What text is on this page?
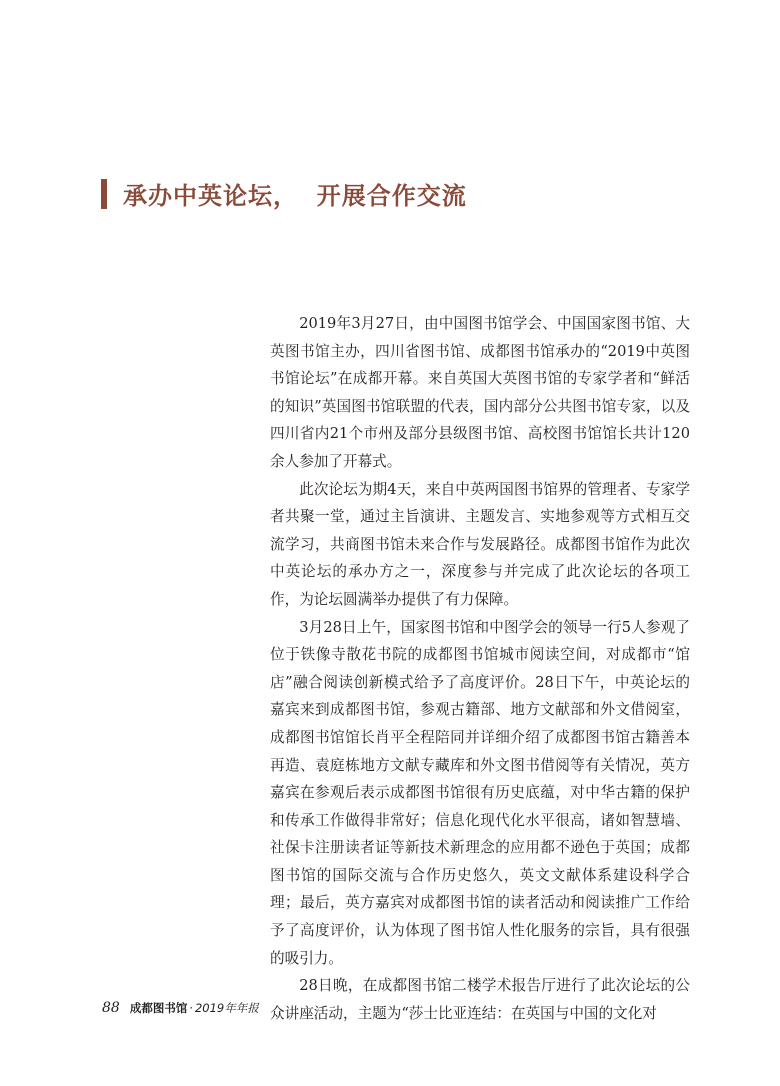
承办中英论坛，  开展合作交流

2019年3月27日，由中国图书馆学会、中国国家图书馆、大英图书馆主办，四川省图书馆、成都图书馆承办的“2019中英图书馆论坛”在成都开幕。来自英国大英图书馆的专家学者和“鲜活的知识”英国图书馆联盟的代表，国内部分公共图书馆专家，以及四川省内21个市州及部分县级图书馆、高校图书馆馆长共计120余人参加了开幕式。

此次论坛为期4天，来自中英两国图书馆界的管理者、专家学者共聚一堂，通过主旨演讲、主题发言、实地参观等方式相互交流学习，共商图书馆未来合作与发展路径。成都图书馆作为此次中英论坛的承办方之一，深度参与并完成了此次论坛的各项工作，为论坛圆满举办提供了有力保障。

3月28日上午，国家图书馆和中图学会的领导一行5人参观了位于铁像寺散花书院的成都图书馆城市阅读空间，对成都市“馆店”融合阅读创新模式给予了高度评价。28日下午，中英论坛的嘉宾来到成都图书馆，参观古籍部、地方文献部和外文借阅室，成都图书馆馆长肖平全程陪同并详细介绍了成都图书馆古籍善本再造、袁庭栋地方文献专藏库和外文图书借阅等有关情况，英方嘉宾在参观后表示成都图书馆很有历史底蕴，对中华古籍的保护和传承工作做得非常好；信息化现代化水平很高，诸如智慧墙、社保卡注册读者证等新技术新理念的应用都不逊色于英国；成都图书馆的国际交流与合作历史悠久，英文文献体系建设科学合理；最后，英方嘉宾对成都图书馆的读者活动和阅读推广工作给予了高度评价，认为体现了图书馆人性化服务的宗旨，具有很强的吸引力。

28日晚，在成都图书馆二楼学术报告厅进行了此次论坛的公众讲座活动，主题为“莎士比亚连结：在英国与中国的文化对

88 成都图书馆 · 2019年年报
